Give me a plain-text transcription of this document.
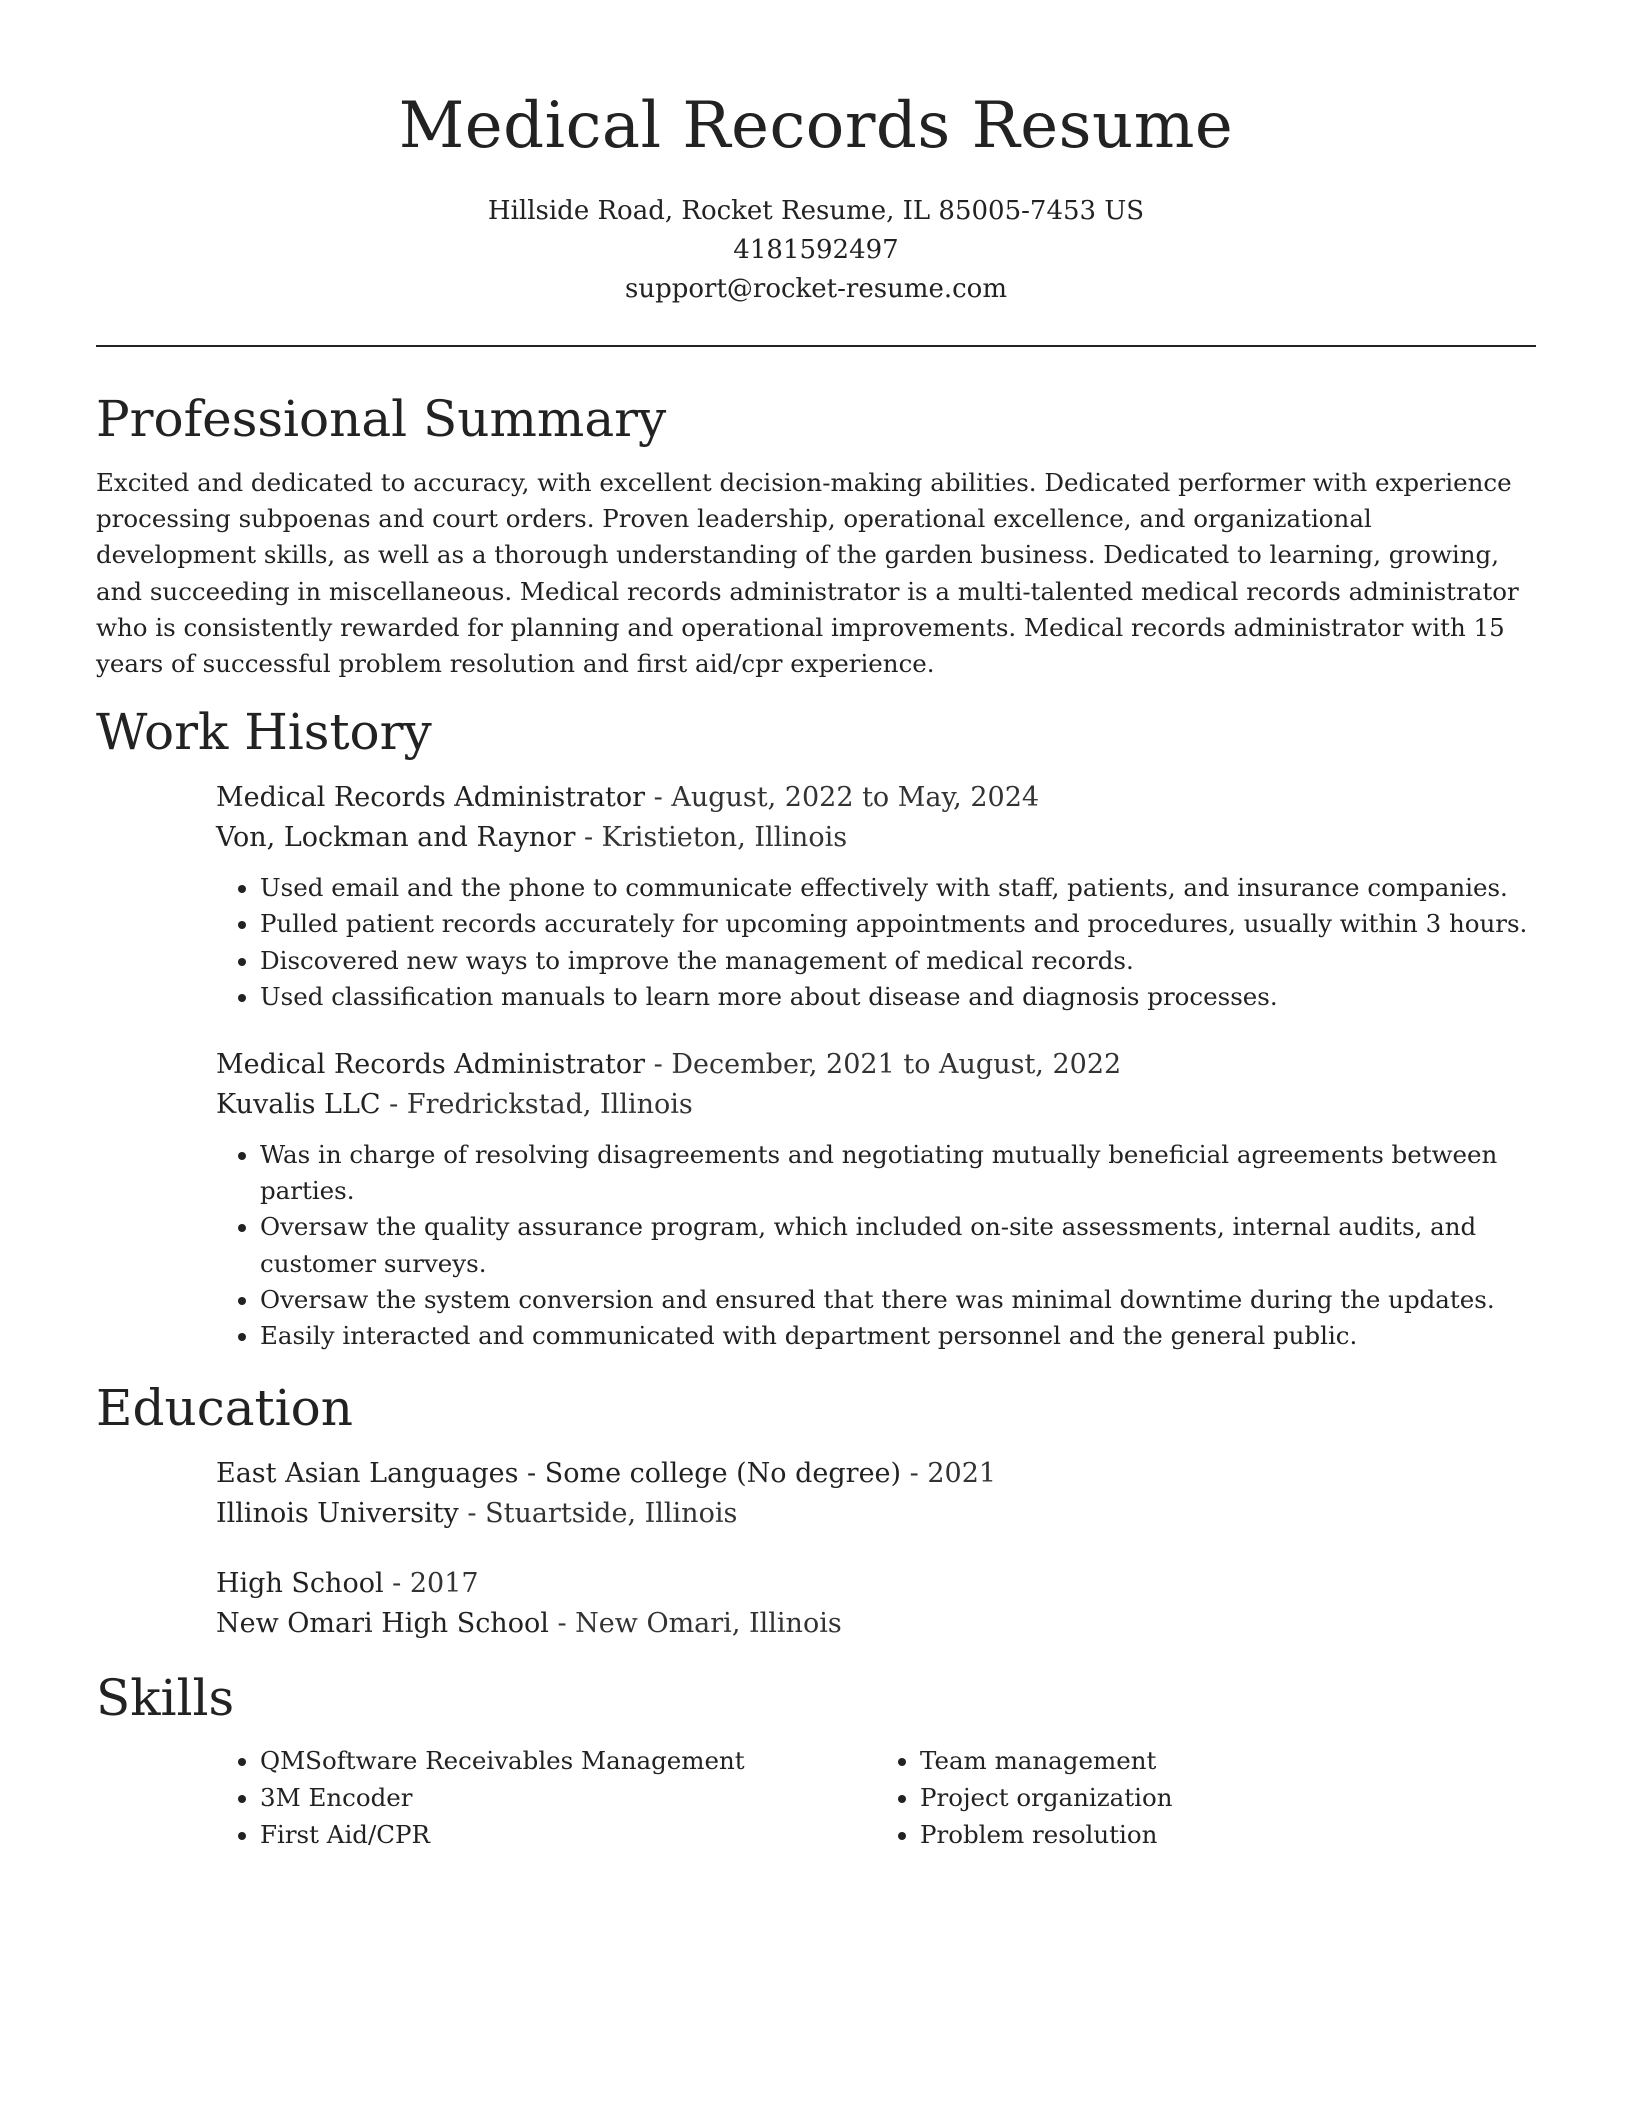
Medical Records Resume
Hillside Road, Rocket Resume, IL 85005-7453 US
4181592497
support@rocket-resume.com
Professional Summary

Excited and dedicated to accuracy, with excellent decision-making abilities. Dedicated performer with experience processing subpoenas and court orders. Proven leadership, operational excellence, and organizational development skills, as well as a thorough understanding of the garden business. Dedicated to learning, growing, and succeeding in miscellaneous. Medical records administrator is a multi-talented medical records administrator who is consistently rewarded for planning and operational improvements. Medical records administrator with 15 years of successful problem resolution and first aid/cpr experience.

Work History
Medical Records Administrator - August, 2022 to May, 2024
Von, Lockman and Raynor - Kristieton, Illinois
• Used email and the phone to communicate effectively with staff, patients, and insurance companies.
• Pulled patient records accurately for upcoming appointments and procedures, usually within 3 hours.
• Discovered new ways to improve the management of medical records.
• Used classification manuals to learn more about disease and diagnosis processes.
Medical Records Administrator - December, 2021 to August, 2022
Kuvalis LLC - Fredrickstad, Illinois
• Was in charge of resolving disagreements and negotiating mutually beneficial agreements between parties.
• Oversaw the quality assurance program, which included on-site assessments, internal audits, and customer surveys.
• Oversaw the system conversion and ensured that there was minimal downtime during the updates.
• Easily interacted and communicated with department personnel and the general public.
Education
East Asian Languages - Some college (No degree) - 2021
Illinois University - Stuartside, Illinois
High School - 2017
New Omari High School - New Omari, Illinois
Skills
• QMSoftware Receivables Management
• 3M Encoder
• First Aid/CPR
• Team management
• Project organization
• Problem resolution
